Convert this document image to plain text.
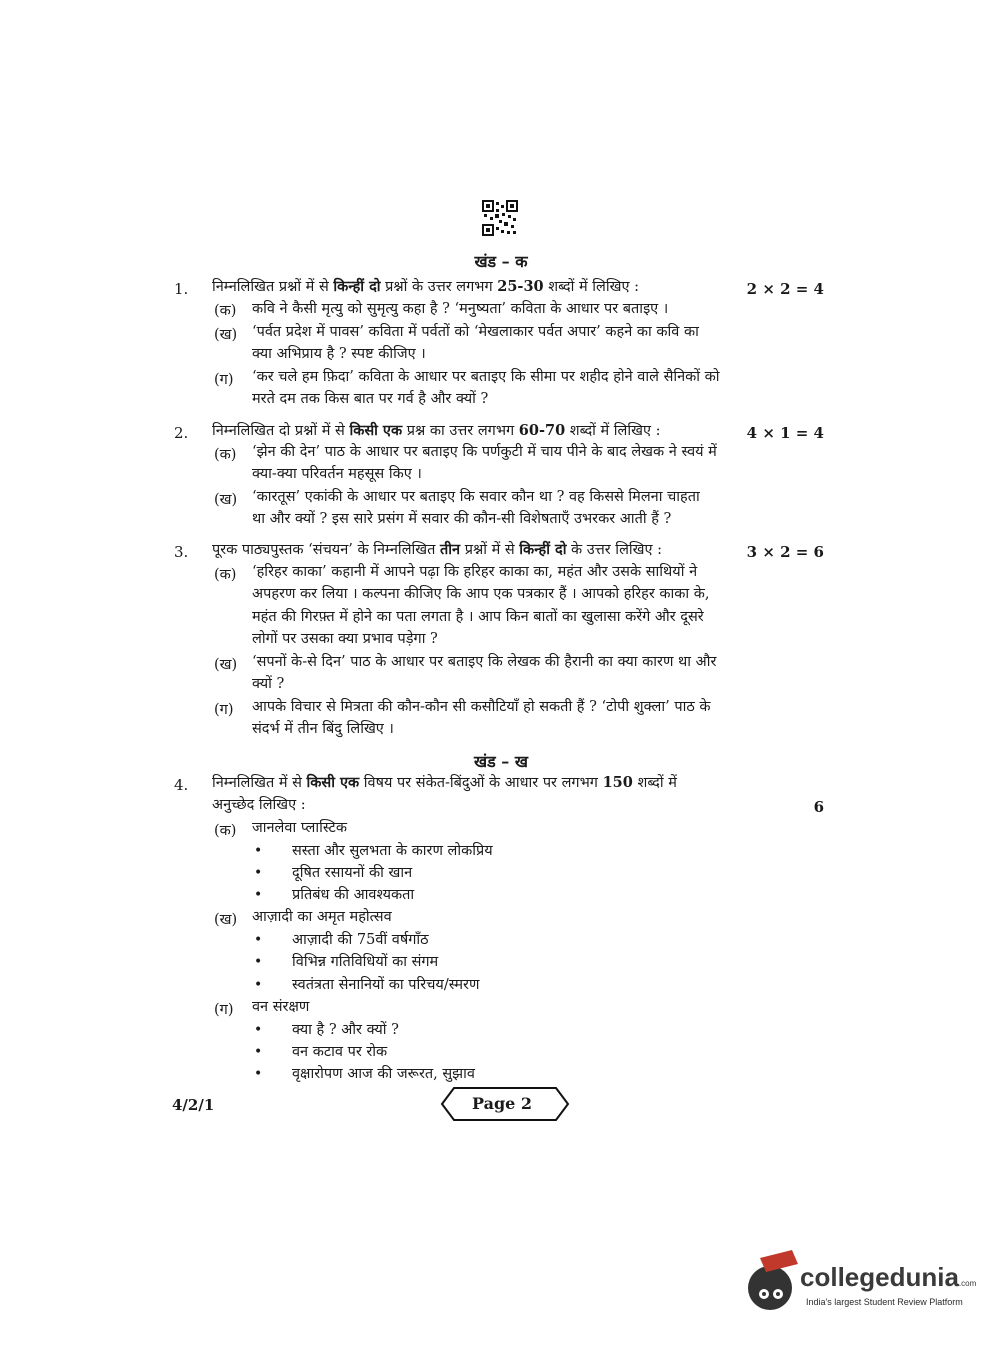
खंड – क
1. निम्नलिखित प्रश्नों में से किन्हीं दो प्रश्नों के उत्तर लगभग 25-30 शब्दों में लिखिए :	2 × 2 = 4
(क) कवि ने कैसी मृत्यु को सुमृत्यु कहा है ? ‘मनुष्यता’ कविता के आधार पर बताइए ।
(ख) ‘पर्वत प्रदेश में पावस’ कविता में पर्वतों को ‘मेखलाकार पर्वत अपार’ कहने का कवि का
क्या अभिप्राय है ? स्पष्ट कीजिए ।
(ग) ‘कर चले हम फ़िदा’ कविता के आधार पर बताइए कि सीमा पर शहीद होने वाले सैनिकों को
मरते दम तक किस बात पर गर्व है और क्यों ?
2. निम्नलिखित दो प्रश्नों में से किसी एक प्रश्न का उत्तर लगभग 60-70 शब्दों में लिखिए :	4 × 1 = 4
(क) ‘झेन की देन’ पाठ के आधार पर बताइए कि पर्णकुटी में चाय पीने के बाद लेखक ने स्वयं में
क्या-क्या परिवर्तन महसूस किए ।
(ख) ‘कारतूस’ एकांकी के आधार पर बताइए कि सवार कौन था ? वह किससे मिलना चाहता
था और क्यों ? इस सारे प्रसंग में सवार की कौन-सी विशेषताएँ उभरकर आती हैं ?
3. पूरक पाठ्यपुस्तक ‘संचयन’ के निम्नलिखित तीन प्रश्नों में से किन्हीं दो के उत्तर लिखिए :	3 × 2 = 6
(क) ‘हरिहर काका’ कहानी में आपने पढ़ा कि हरिहर काका का, महंत और उसके साथियों ने
अपहरण कर लिया । कल्पना कीजिए कि आप एक पत्रकार हैं । आपको हरिहर काका के,
महंत की गिरफ़्त में होने का पता लगता है । आप किन बातों का खुलासा करेंगे और दूसरे
लोगों पर उसका क्या प्रभाव पड़ेगा ?
(ख) ‘सपनों के-से दिन’ पाठ के आधार पर बताइए कि लेखक की हैरानी का क्या कारण था और
क्यों ?
(ग) आपके विचार से मित्रता की कौन-कौन सी कसौटियाँ हो सकती हैं ? ‘टोपी शुक्ला’ पाठ के
संदर्भ में तीन बिंदु लिखिए ।
खंड – ख
4. निम्नलिखित में से किसी एक विषय पर संकेत-बिंदुओं के आधार पर लगभग 150 शब्दों में
अनुच्छेद लिखिए :	6
(क) जानलेवा प्लास्टिक
• सस्ता और सुलभता के कारण लोकप्रिय
• दूषित रसायनों की खान
• प्रतिबंध की आवश्यकता
(ख) आज़ादी का अमृत महोत्सव
• आज़ादी की 75वीं वर्षगाँठ
• विभिन्न गतिविधियों का संगम
• स्वतंत्रता सेनानियों का परिचय/स्मरण
(ग) वन संरक्षण
• क्या है ? और क्यों ?
• वन कटाव पर रोक
• वृक्षारोपण आज की जरूरत, सुझाव
4/2/1	Page 2
collegedunia.com
India's largest Student Review Platform
